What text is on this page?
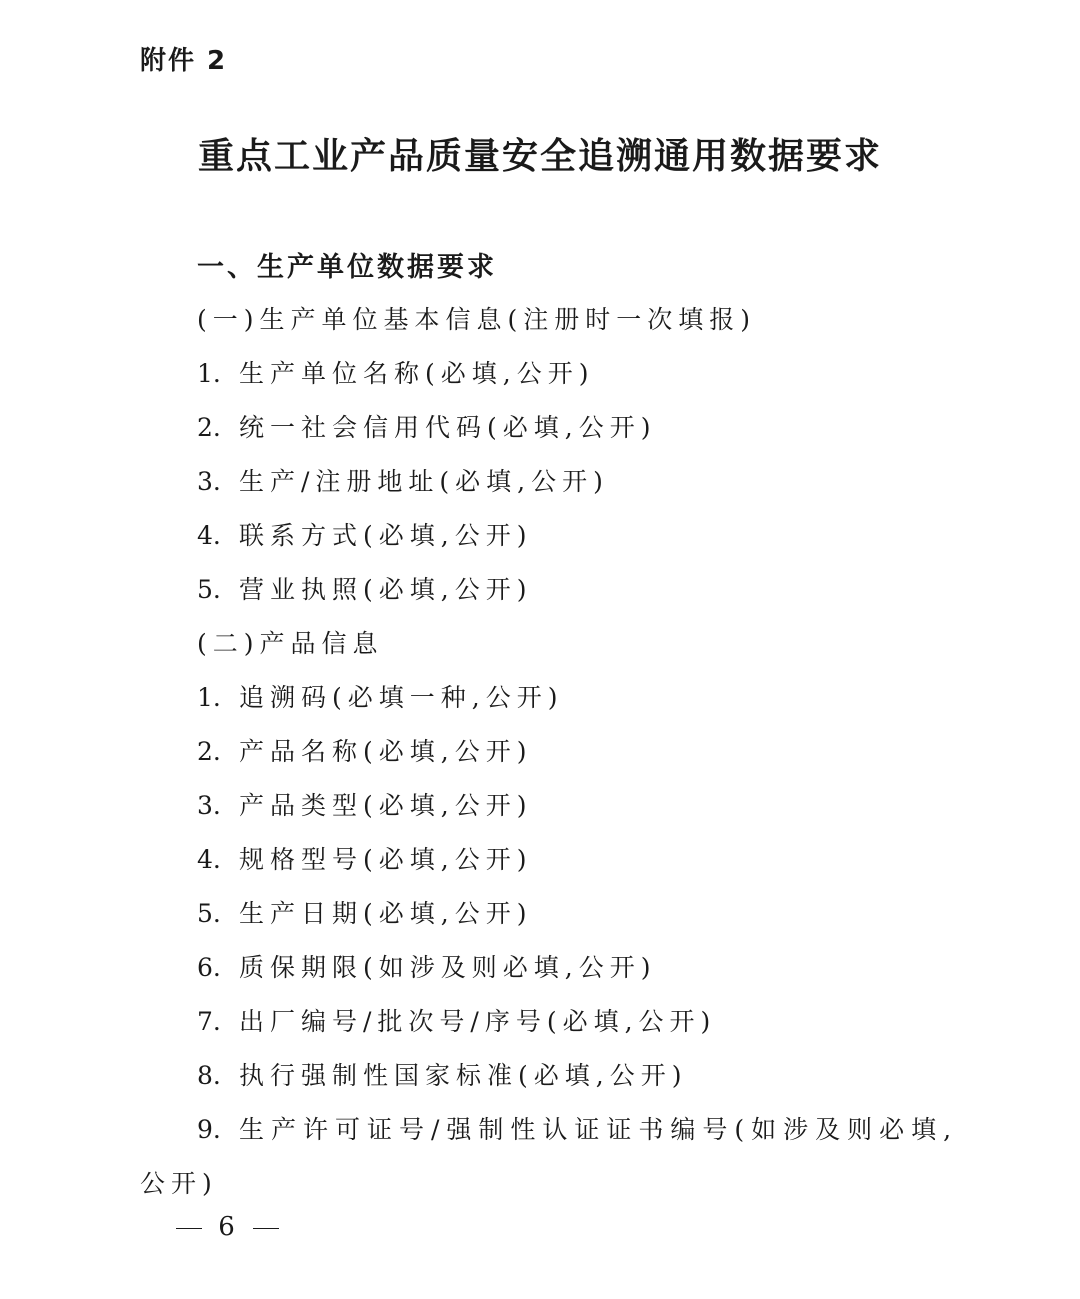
附件 2
重点工业产品质量安全追溯通用数据要求
一、生产单位数据要求
(一)生产单位基本信息(注册时一次填报)
1. 生产单位名称(必填,公开)
2. 统一社会信用代码(必填,公开)
3. 生产/注册地址(必填,公开)
4. 联系方式(必填,公开)
5. 营业执照(必填,公开)
(二)产品信息
1. 追溯码(必填一种,公开)
2. 产品名称(必填,公开)
3. 产品类型(必填,公开)
4. 规格型号(必填,公开)
5. 生产日期(必填,公开)
6. 质保期限(如涉及则必填,公开)
7. 出厂编号/批次号/序号(必填,公开)
8. 执行强制性国家标准(必填,公开)
9. 生产许可证号/强制性认证证书编号(如涉及则必填,
公开)
6
